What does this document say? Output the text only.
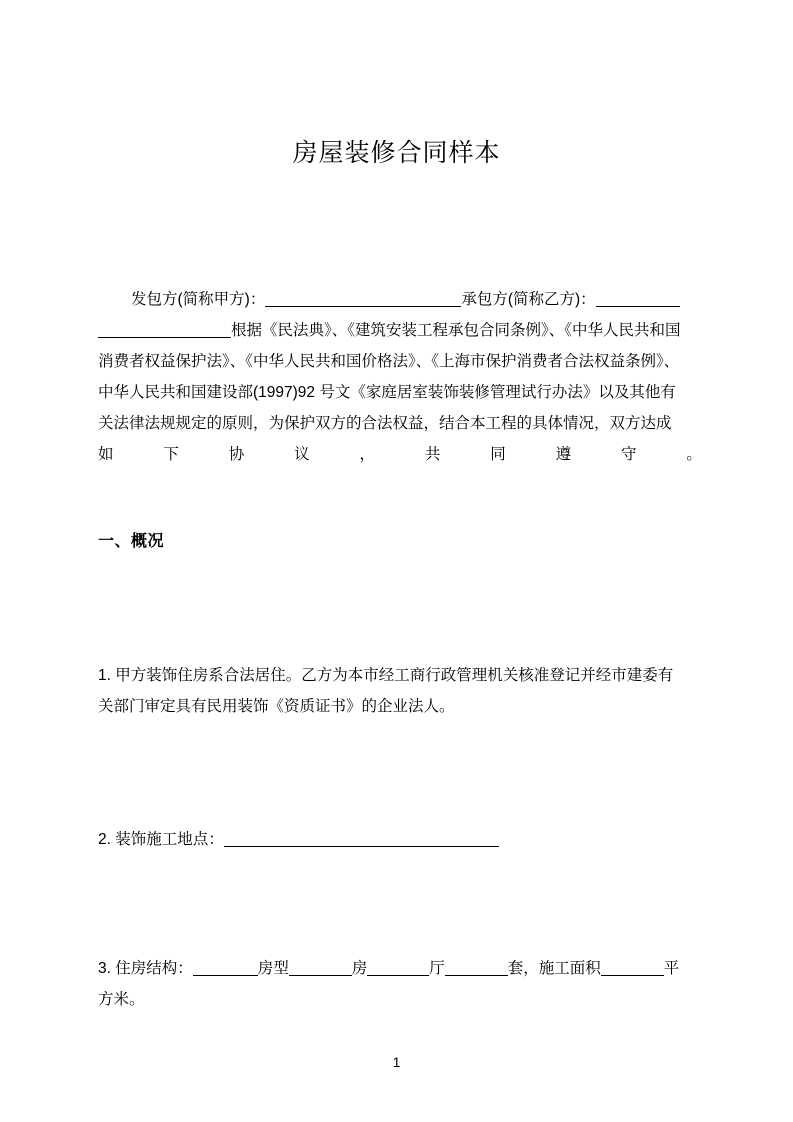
房屋装修合同样本
发包方(简称甲方)：	承包方(简称乙方)：
根据《民法典》、《建筑安装工程承包合同条例》、《中华人民共和国
消费者权益保护法》、《中华人民共和国价格法》、《上海市保护消费者合法权益条例》、
中华人民共和国建设部(1997)92 号文《家庭居室装饰装修管理试行办法》以及其他有
关法律法规规定的原则，为保护双方的合法权益，结合本工程的具体情况，双方达成
如	下	协	议	，	共	同	遵	守	。
一、概况
1. 甲方装饰住房系合法居住。乙方为本市经工商行政管理机关核准登记并经市建委有
关部门审定具有民用装饰《资质证书》的企业法人。
2. 装饰施工地点：
3. 住房结构：	房型	房	厅	套，施工面积	平
方米。
1
